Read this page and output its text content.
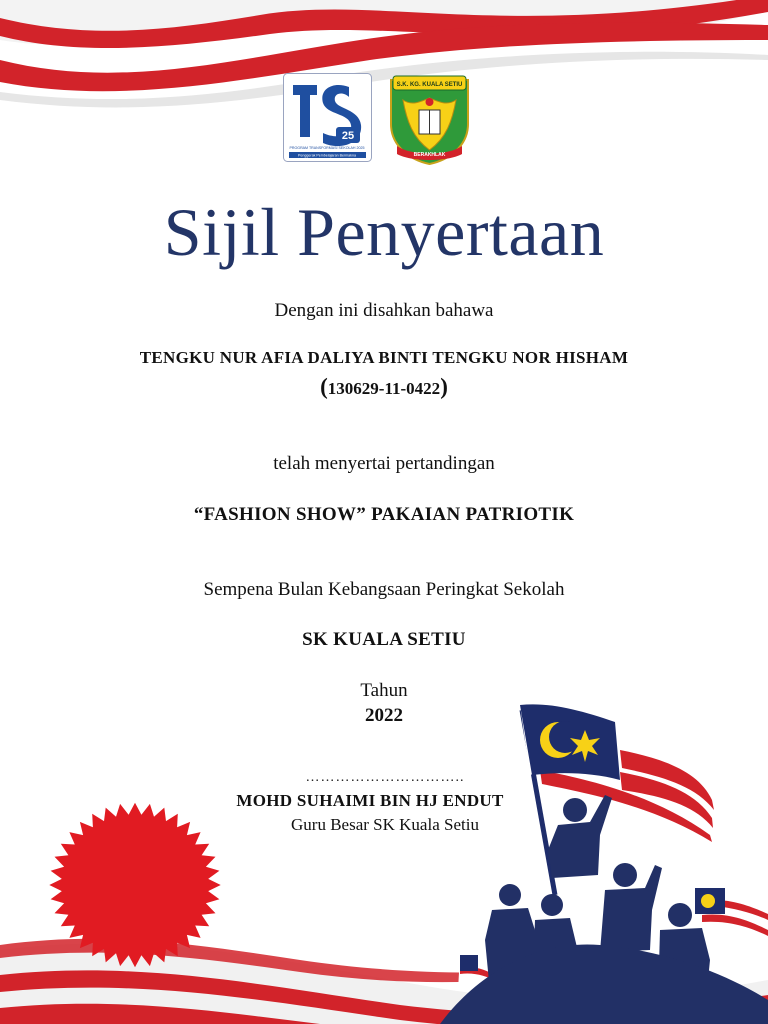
25
PROGRAM TRANSFORMASI SEKOLAH 2025
Penggerak Pembelajaran Bermakna
S.K. KG. KUALA SETIU
BERAKHLAK
Sijil Penyertaan
Dengan ini disahkan bahawa
TENGKU NUR AFIA DALIYA BINTI TENGKU NOR HISHAM
(130629-11-0422)
telah menyertai pertandingan
“FASHION SHOW” PAKAIAN PATRIOTIK
Sempena Bulan Kebangsaan Peringkat Sekolah
SK KUALA SETIU
Tahun
2022
…………………………..
MOHD SUHAIMI BIN HJ ENDUT
Guru Besar SK Kuala Setiu
